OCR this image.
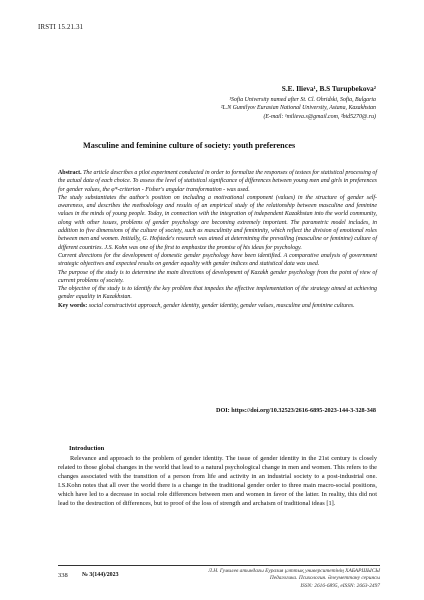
IRSTI 15.21.31
S.E. Ilieva¹, B.S Turupbekova²
¹Sofia University named after St. Cl. Ohridski, Sofia, Bulgaria
²L.N Gumilyov Eurasian National University, Astana, Kazakhstan
(E-mail: ¹milieva.s@gmail.com, ²bid5270@.ru)
Masculine and feminine culture of society: youth preferences

Abstract. The article describes a pilot experiment conducted in order to formalize the responses of testees for statistical processing of the actual data of each choice. To assess the level of statistical significance of differences between young men and girls in preferences for gender values, the φ*-criterion - Fisher's angular transformation - was used.

The study substantiates the author's position on including a motivational component (values) in the structure of gender self-awareness, and describes the methodology and results of an empirical study of the relationship between masculine and feminine values in the minds of young people. Today, in connection with the integration of independent Kazakhstan into the world community, along with other issues, problems of gender psychology are becoming extremely important. The parametric model includes, in addition to five dimensions of the culture of society, such as masculinity and femininity, which reflect the division of emotional roles between men and women. Initially, G. Hofstede's research was aimed at determining the prevailing (masculine or feminine) culture of different countries. J.S. Kohn was one of the first to emphasize the promise of his ideas for psychology.

Current directions for the development of domestic gender psychology have been identified. A comparative analysis of government strategic objectives and expected results on gender equality with gender indices and statistical data was used.

The purpose of the study is to determine the main directions of development of Kazakh gender psychology from the point of view of current problems of society.

The objective of the study is to identify the key problem that impedes the effective implementation of the strategy aimed at achieving gender equality in Kazakhstan.

Key words: social constructivist approach, gender identity, gender identity, gender values, masculine and feminine cultures.

DOI: https://doi.org/10.32523/2616-6895-2023-144-3-328-348
Introduction

Relevance and approach to the problem of gender identity. The issue of gender identity in the 21st century is closely related to those global changes in the world that lead to a natural psychological change in men and women. This refers to the changes associated with the transition of a person from life and activity in an industrial society to a post-industrial one. I.S.Kohn notes that all over the world there is a change in the traditional gender order to three main macro-social positions, which have led to a decrease in social role differences between men and women in favor of the latter. In reality, this did not lead to the destruction of differences, but to proof of the loss of strength and archaism of traditional ideas [1].

338 № 3(144)/2023
Л.Н. Гумилев атындағы Еуразия ұлттық университетінің ХАБАРШЫСЫ
Педагогика. Психология. Әлеуметтану сериясы
ISSN: 2616-6895, eISSN: 2663-2497
